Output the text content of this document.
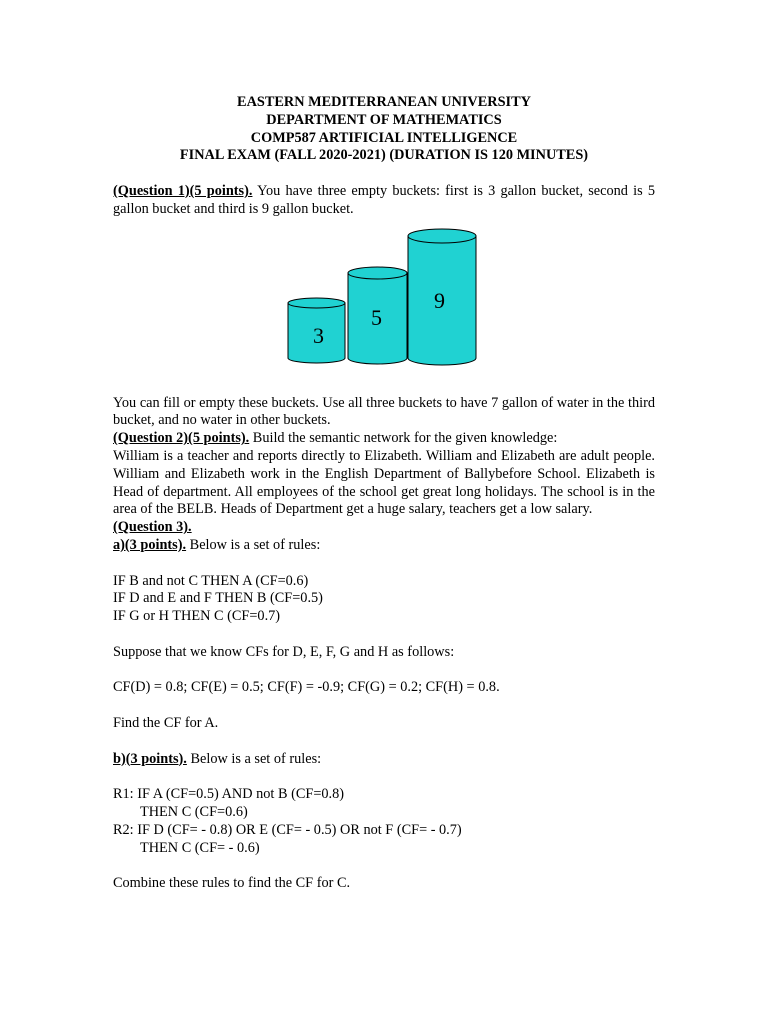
EASTERN MEDITERRANEAN UNIVERSITY
DEPARTMENT OF MATHEMATICS
COMP587 ARTIFICIAL INTELLIGENCE
FINAL EXAM (FALL 2020-2021) (DURATION IS 120 MINUTES)

(Question 1)(5 points). You have three empty buckets: first is 3 gallon bucket, second is 5 gallon bucket and third is 9 gallon bucket.

3
5
9

You can fill or empty these buckets. Use all three buckets to have 7 gallon of water in the third bucket, and no water in other buckets.

(Question 2)(5 points). Build the semantic network for the given knowledge:

William is a teacher and reports directly to Elizabeth. William and Elizabeth are adult people. William and Elizabeth work in the English Department of Ballybefore School. Elizabeth is Head of department. All employees of the school get great long holidays. The school is in the area of the BELB. Heads of Department get a huge salary, teachers get a low salary.

(Question 3).

a)(3 points). Below is a set of rules:

IF B and not C THEN A (CF=0.6)

IF D and E and F THEN B (CF=0.5)

IF G or H THEN C (CF=0.7)

Suppose that we know CFs for D, E, F, G and H as follows:

CF(D) = 0.8; CF(E) = 0.5; CF(F) = -0.9; CF(G) = 0.2; CF(H) = 0.8.

Find the CF for A.

b)(3 points). Below is a set of rules:

R1: IF A (CF=0.5) AND not B (CF=0.8)

THEN C (CF=0.6)

R2: IF D (CF= - 0.8) OR E (CF= - 0.5) OR not F (CF= - 0.7)

THEN C (CF= - 0.6)

Combine these rules to find the CF for C.
